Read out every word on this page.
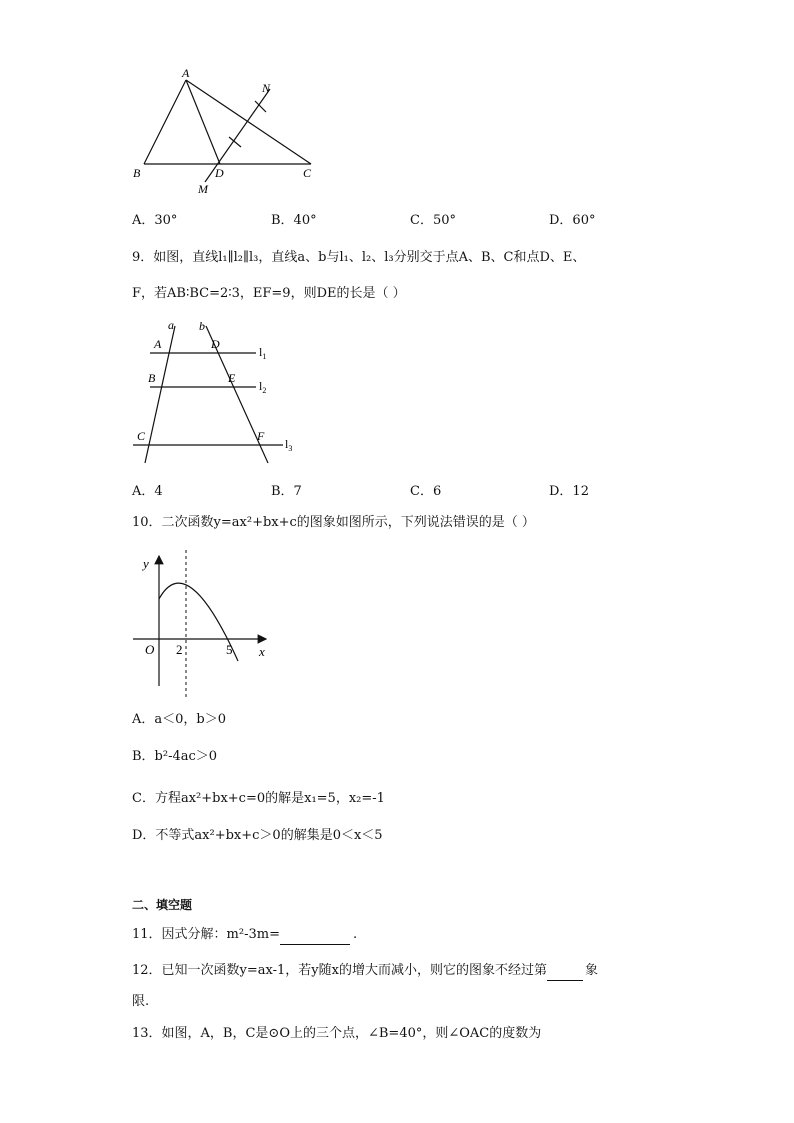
A
N
B	D	C
M
A．30°	B．40°	C．50°	D．60°
9．如图，直线l₁∥l₂∥l₃，直线a、b与l₁、l₂、l₃分别交于点A、B、C和点D、E、
F，若AB∶BC=2∶3，EF=9，则DE的长是（ ）
a b
A	D
B	E
C	F
$l_1$
$l_2$
$l_3$
A．4	B．7	C．6	D．12
10．二次函数y=ax²+bx+c的图象如图所示，下列说法错误的是（ ）
y
O 2	5 x
A．a＜0，b＞0
B．b²-4ac＞0
C．方程ax²+bx+c=0的解是x₁=5，x₂=-1
D．不等式ax²+bx+c＞0的解集是0＜x＜5
二、填空题
11．因式分解：m²-3m=	.
12．已知一次函数y=ax-1，若y随x的增大而减小，则它的图象不经过第	象
限.
13．如图，A，B，C是⊙O上的三个点，∠B=40°，则∠OAC的度数为
